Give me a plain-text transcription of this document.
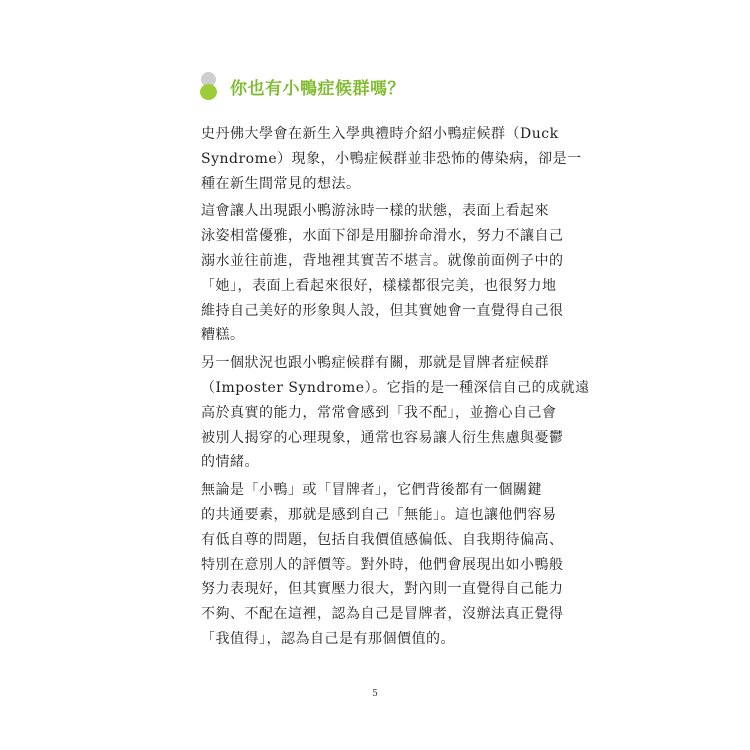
你也有小鴨症候群嗎？

史丹佛大學會在新生入學典禮時介紹小鴨症候群（Duck
Syndrome）現象，小鴨症候群並非恐怖的傳染病，卻是一
種在新生間常見的想法。

這會讓人出現跟小鴨游泳時一樣的狀態，表面上看起來
泳姿相當優雅，水面下卻是用腳拚命滑水，努力不讓自己
溺水並往前進，背地裡其實苦不堪言。就像前面例子中的
「她」，表面上看起來很好，樣樣都很完美，也很努力地
維持自己美好的形象與人設，但其實她會一直覺得自己很
糟糕。

另一個狀況也跟小鴨症候群有關，那就是冒牌者症候群
（Imposter Syndrome）。它指的是一種深信自己的成就遠
高於真實的能力，常常會感到「我不配」，並擔心自己會
被別人揭穿的心理現象，通常也容易讓人衍生焦慮與憂鬱
的情緒。

無論是「小鴨」或「冒牌者」，它們背後都有一個關鍵
的共通要素，那就是感到自己「無能」。這也讓他們容易
有低自尊的問題，包括自我價值感偏低、自我期待偏高、
特別在意別人的評價等。對外時，他們會展現出如小鴨般
努力表現好，但其實壓力很大，對內則一直覺得自己能力
不夠、不配在這裡，認為自己是冒牌者，沒辦法真正覺得
「我值得」，認為自己是有那個價值的。

5
